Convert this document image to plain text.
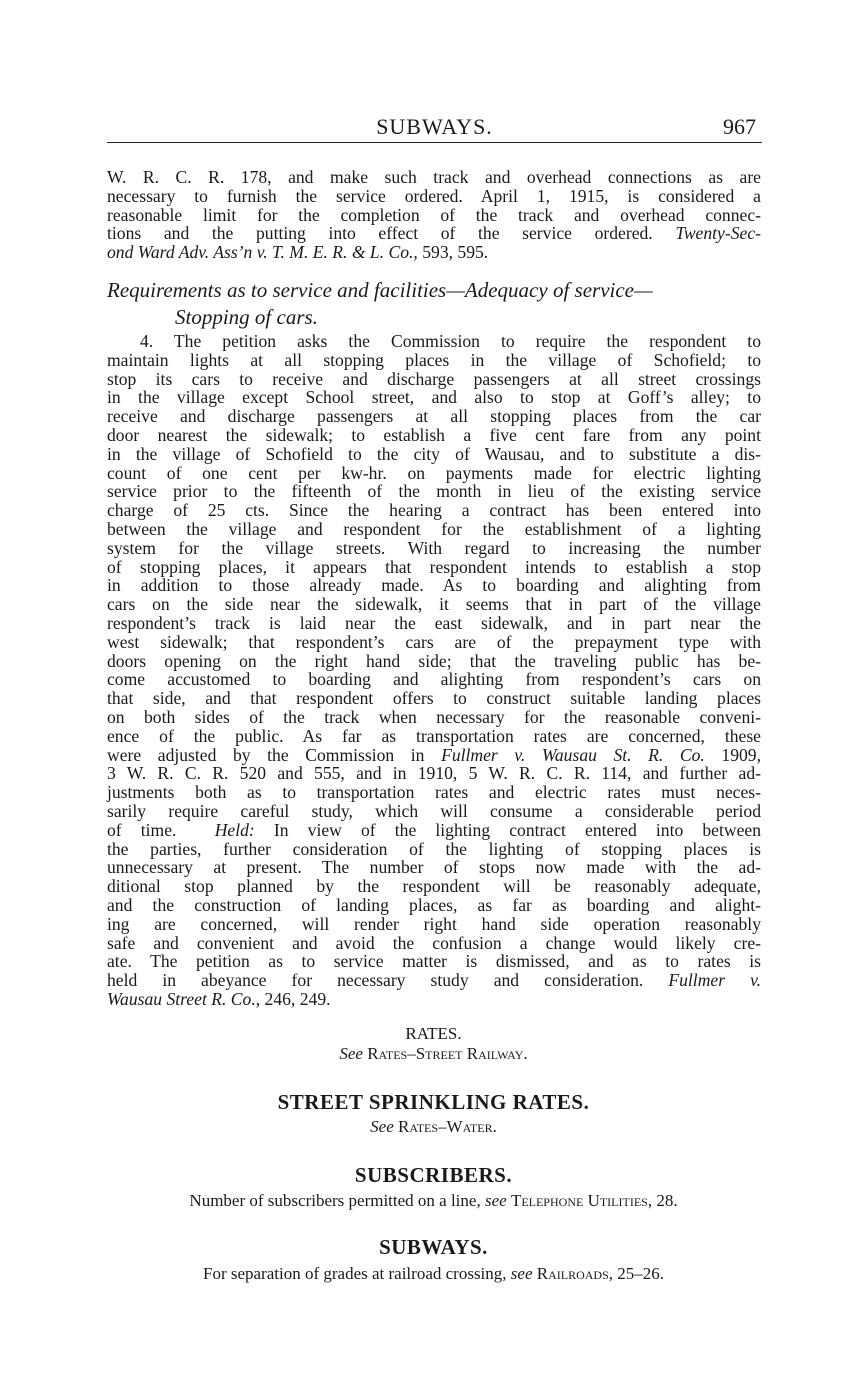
SUBWAYS.	967
W. R. C. R. 178, and make such track and overhead connections as are
necessary to furnish the service ordered. April 1, 1915, is considered a
reasonable limit for the completion of the track and overhead connec-
tions and the putting into effect of the service ordered. Twenty-Sec-
ond Ward Adv. Ass’n v. T. M. E. R. & L. Co., 593, 595.
Requirements as to service and facilities—Adequacy of service—
Stopping of cars.
4. The petition asks the Commission to require the respondent to
maintain lights at all stopping places in the village of Schofield; to
stop its cars to receive and discharge passengers at all street crossings
in the village except School street, and also to stop at Goff’s alley; to
receive and discharge passengers at all stopping places from the car
door nearest the sidewalk; to establish a five cent fare from any point
in the village of Schofield to the city of Wausau, and to substitute a dis-
count of one cent per kw-hr. on payments made for electric lighting
service prior to the fifteenth of the month in lieu of the existing service
charge of 25 cts. Since the hearing a contract has been entered into
between the village and respondent for the establishment of a lighting
system for the village streets. With regard to increasing the number
of stopping places, it appears that respondent intends to establish a stop
in addition to those already made. As to boarding and alighting from
cars on the side near the sidewalk, it seems that in part of the village
respondent’s track is laid near the east sidewalk, and in part near the
west sidewalk; that respondent’s cars are of the prepayment type with
doors opening on the right hand side; that the traveling public has be-
come accustomed to boarding and alighting from respondent’s cars on
that side, and that respondent offers to construct suitable landing places
on both sides of the track when necessary for the reasonable conveni-
ence of the public. As far as transportation rates are concerned, these
were adjusted by the Commission in Fullmer v. Wausau St. R. Co. 1909,
3 W. R. C. R. 520 and 555, and in 1910, 5 W. R. C. R. 114, and further ad-
justments both as to transportation rates and electric rates must neces-
sarily require careful study, which will consume a considerable period
of time. Held: In view of the lighting contract entered into between
the parties, further consideration of the lighting of stopping places is
unnecessary at present. The number of stops now made with the ad-
ditional stop planned by the respondent will be reasonably adequate,
and the construction of landing places, as far as boarding and alight-
ing are concerned, will render right hand side operation reasonably
safe and convenient and avoid the confusion a change would likely cre-
ate. The petition as to service matter is dismissed, and as to rates is
held in abeyance for necessary study and consideration. Fullmer v.
Wausau Street R. Co., 246, 249.
RATES.
See Rates–Street Railway.
STREET SPRINKLING RATES.
See Rates–Water.
SUBSCRIBERS.
Number of subscribers permitted on a line, see Telephone Utilities, 28.
SUBWAYS.
For separation of grades at railroad crossing, see Railroads, 25–26.
